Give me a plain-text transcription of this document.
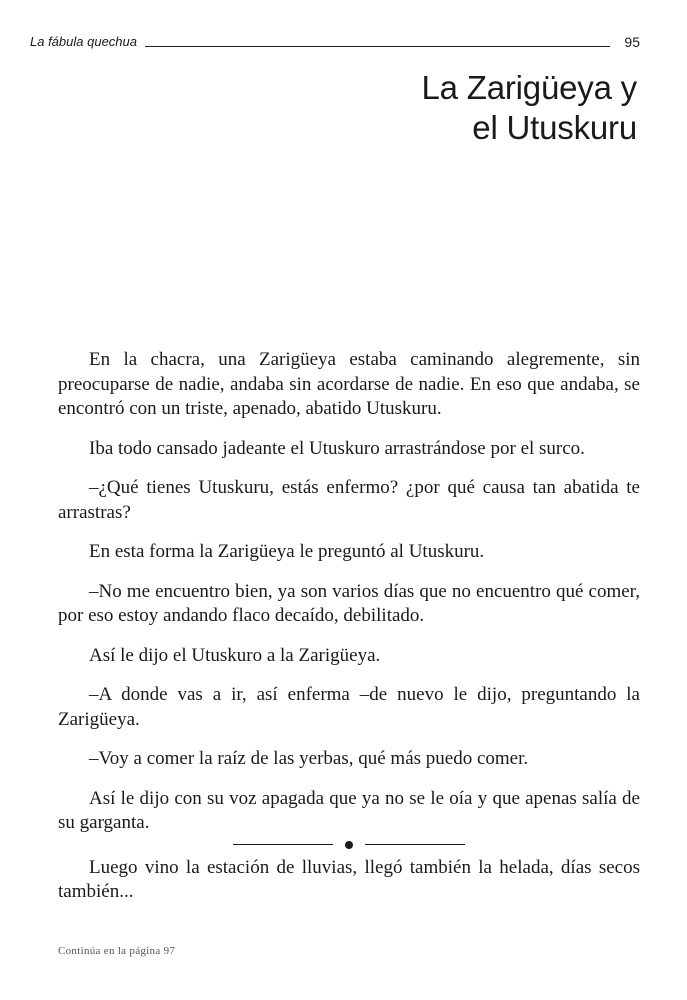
La fábula quechua	95
La Zarigüeya y
el Utuskuru

En la chacra, una Zarigüeya estaba caminando alegremente, sin preocuparse de nadie, andaba sin acordarse de nadie. En eso que andaba, se encontró con un triste, apenado, abatido Utuskuru.

Iba todo cansado jadeante el Utuskuro arrastrándose por el surco.

–¿Qué tienes Utuskuru, estás enfermo? ¿por qué causa tan abatida te arrastras?

En esta forma la Zarigüeya le preguntó al Utuskuru.

–No me encuentro bien, ya son varios días que no encuentro qué comer, por eso estoy andando flaco decaído, debilitado.

Así le dijo el Utuskuro a la Zarigüeya.

–A donde vas a ir, así enferma –de nuevo le dijo, preguntando la Zarigüeya.

–Voy a comer la raíz de las yerbas, qué más puedo comer.

Así le dijo con su voz apagada que ya no se le oía y que apenas salía de su garganta.

Luego vino la estación de lluvias, llegó también la helada, días secos también...

Continúa en la página 97
